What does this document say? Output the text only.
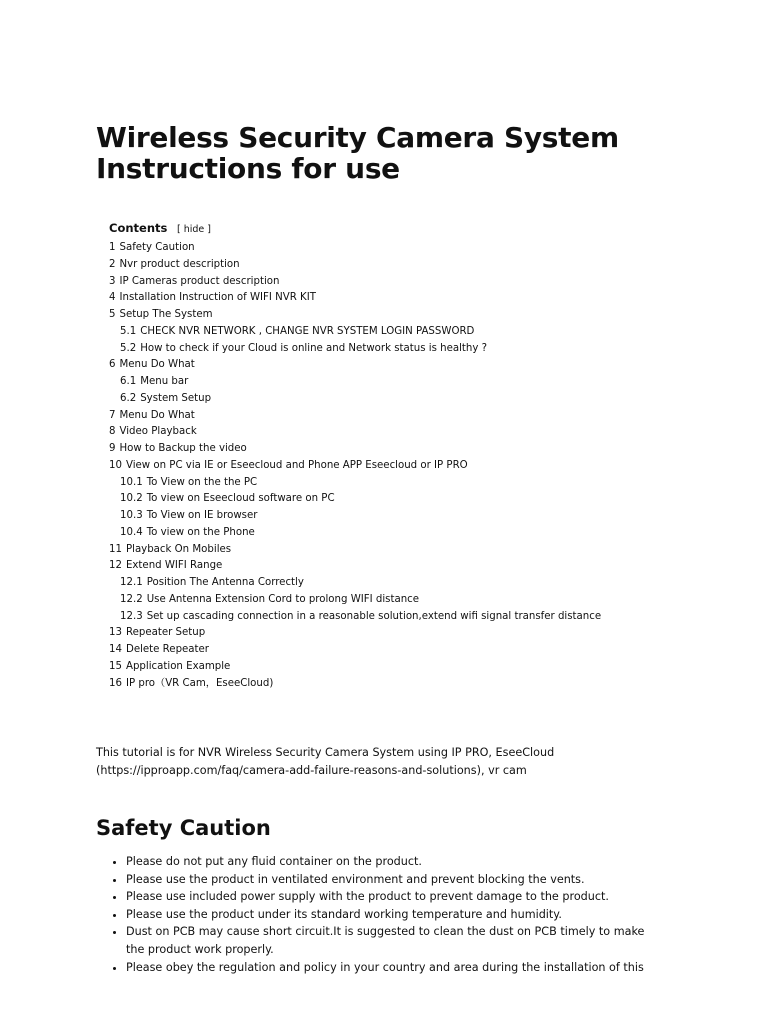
Wireless Security Camera System
Instructions for use
Contents [ hide ]
1 Safety Caution
2 Nvr product description
3 IP Cameras product description
4 Installation Instruction of WIFI NVR KIT
5 Setup The System
5.1 CHECK NVR NETWORK , CHANGE NVR SYSTEM LOGIN PASSWORD
5.2 How to check if your Cloud is online and Network status is healthy ?
6 Menu Do What
6.1 Menu bar
6.2 System Setup
7 Menu Do What
8 Video Playback
9 How to Backup the video
10 View on PC via IE or Eseecloud and Phone APP Eseecloud or IP PRO
10.1 To View on the the PC
10.2 To view on Eseecloud software on PC
10.3 To View on IE browser
10.4 To view on the Phone
11 Playback On Mobiles
12 Extend WIFI Range
12.1 Position The Antenna Correctly
12.2 Use Antenna Extension Cord to prolong WIFI distance
12.3 Set up cascading connection in a reasonable solution,extend wifi signal transfer distance
13 Repeater Setup
14 Delete Repeater
15 Application Example
16 IP pro（VR Cam，EseeCloud)

This tutorial is for NVR Wireless Security Camera System using IP PRO, EseeCloud (https://ipproapp.com/faq/camera-add-failure-reasons-and-solutions), vr cam

Safety Caution
• Please do not put any fluid container on the product.
• Please use the product in ventilated environment and prevent blocking the vents.
• Please use included power supply with the product to prevent damage to the product.
• Please use the product under its standard working temperature and humidity.
• Dust on PCB may cause short circuit.It is suggested to clean the dust on PCB timely to make the product work properly.
• Please obey the regulation and policy in your country and area during the installation of this
